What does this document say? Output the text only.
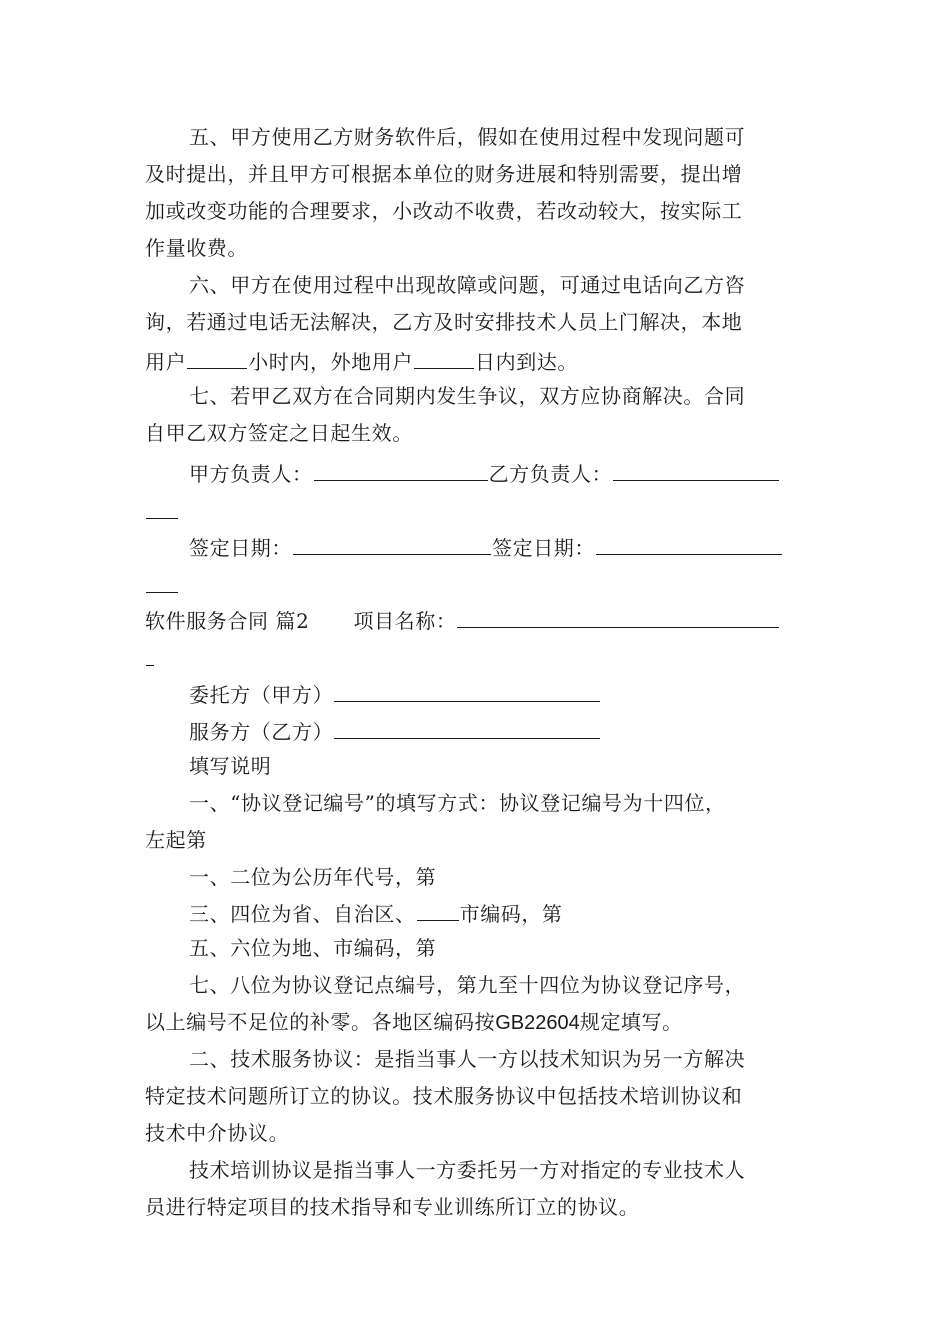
五、甲方使用乙方财务软件后，假如在使用过程中发现问题可
及时提出，并且甲方可根据本单位的财务进展和特别需要，提出增
加或改变功能的合理要求，小改动不收费，若改动较大，按实际工
作量收费。
六、甲方在使用过程中出现故障或问题，可通过电话向乙方咨
询，若通过电话无法解决，乙方及时安排技术人员上门解决，本地
用户	小时内，外地用户	日内到达。
七、若甲乙双方在合同期内发生争议，双方应协商解决。合同
自甲乙双方签定之日起生效。
甲方负责人：	乙方负责人：
签定日期：	签定日期：
软件服务合同 篇2 项目名称：
委托方（甲方）
服务方（乙方）
填写说明
一、“协议登记编号”的填写方式：协议登记编号为十四位，
左起第
一、二位为公历年代号，第
三、四位为省、自治区、 市编码，第
五、六位为地、市编码，第
七、八位为协议登记点编号，第九至十四位为协议登记序号，
以上编号不足位的补零。各地区编码按GB22604规定填写。
二、技术服务协议：是指当事人一方以技术知识为另一方解决
特定技术问题所订立的协议。技术服务协议中包括技术培训协议和
技术中介协议。
技术培训协议是指当事人一方委托另一方对指定的专业技术人
员进行特定项目的技术指导和专业训练所订立的协议。
